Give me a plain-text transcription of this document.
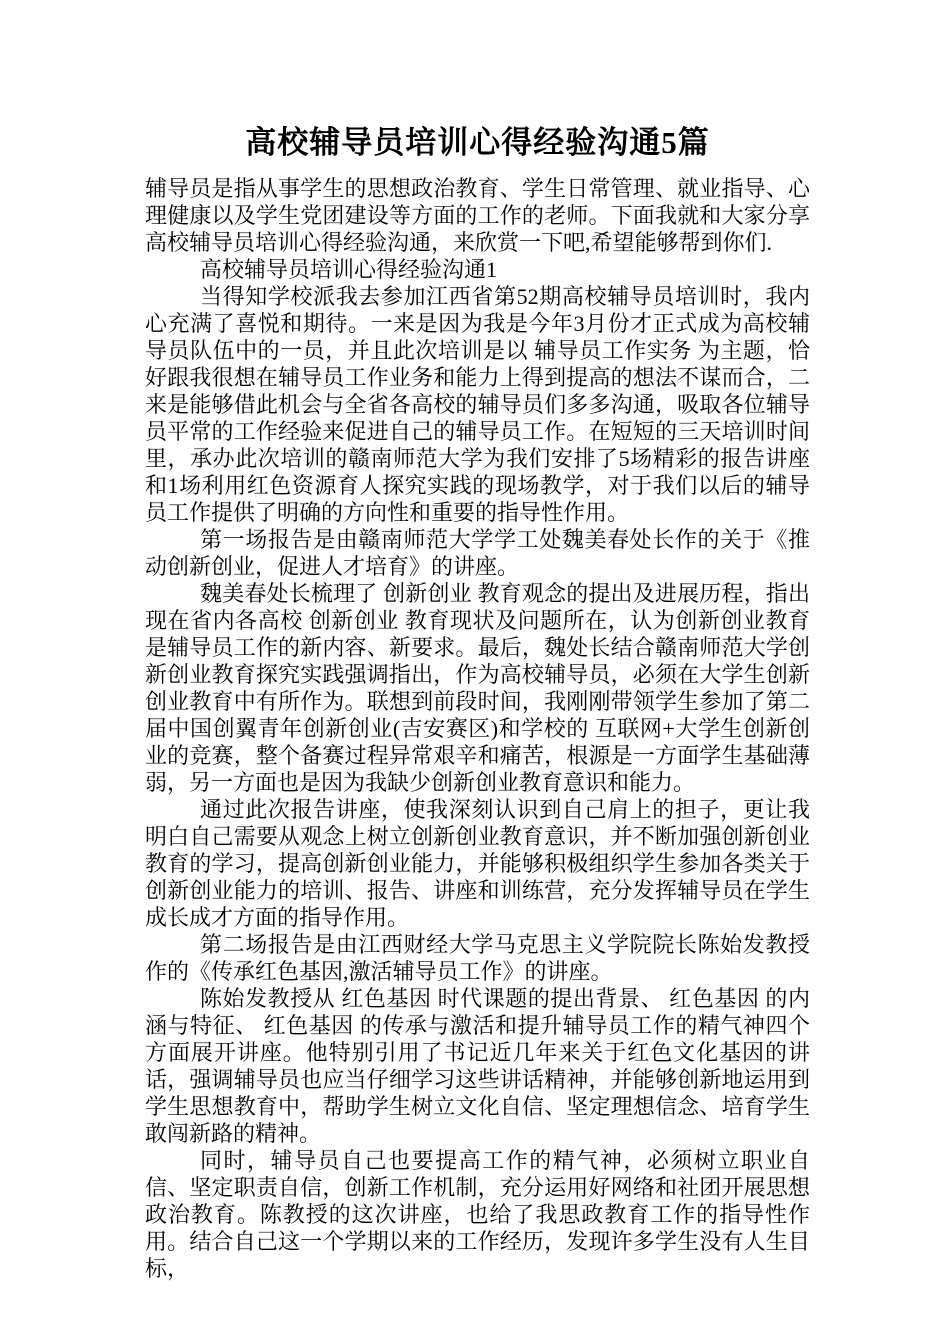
高校辅导员培训心得经验沟通5篇

辅导员是指从事学生的思想政治教育、学生日常管理、就业指导、心理健康以及学生党团建设等方面的工作的老师。下面我就和大家分享高校辅导员培训心得经验沟通，来欣赏一下吧,希望能够帮到你们.

高校辅导员培训心得经验沟通1

当得知学校派我去参加江西省第52期高校辅导员培训时，我内心充满了喜悦和期待。一来是因为我是今年3月份才正式成为高校辅导员队伍中的一员，并且此次培训是以 辅导员工作实务 为主题，恰好跟我很想在辅导员工作业务和能力上得到提高的想法不谋而合，二来是能够借此机会与全省各高校的辅导员们多多沟通，吸取各位辅导员平常的工作经验来促进自己的辅导员工作。在短短的三天培训时间里，承办此次培训的赣南师范大学为我们安排了5场精彩的报告讲座和1场利用红色资源育人探究实践的现场教学，对于我们以后的辅导员工作提供了明确的方向性和重要的指导性作用。

第一场报告是由赣南师范大学学工处魏美春处长作的关于《推动创新创业，促进人才培育》的讲座。

魏美春处长梳理了 创新创业 教育观念的提出及进展历程，指出现在省内各高校 创新创业 教育现状及问题所在，认为创新创业教育是辅导员工作的新内容、新要求。最后，魏处长结合赣南师范大学创新创业教育探究实践强调指出，作为高校辅导员，必须在大学生创新创业教育中有所作为。联想到前段时间，我刚刚带领学生参加了第二届中国创翼青年创新创业(吉安赛区)和学校的 互联网+大学生创新创业的竞赛，整个备赛过程异常艰辛和痛苦，根源是一方面学生基础薄弱，另一方面也是因为我缺少创新创业教育意识和能力。

通过此次报告讲座，使我深刻认识到自己肩上的担子，更让我明白自己需要从观念上树立创新创业教育意识，并不断加强创新创业教育的学习，提高创新创业能力，并能够积极组织学生参加各类关于创新创业能力的培训、报告、讲座和训练营，充分发挥辅导员在学生成长成才方面的指导作用。

第二场报告是由江西财经大学马克思主义学院院长陈始发教授作的《传承红色基因,激活辅导员工作》的讲座。

陈始发教授从 红色基因 时代课题的提出背景、 红色基因 的内涵与特征、 红色基因 的传承与激活和提升辅导员工作的精气神四个方面展开讲座。他特别引用了书记近几年来关于红色文化基因的讲话，强调辅导员也应当仔细学习这些讲话精神，并能够创新地运用到学生思想教育中，帮助学生树立文化自信、坚定理想信念、培育学生敢闯新路的精神。

同时，辅导员自己也要提高工作的精气神，必须树立职业自信、坚定职责自信，创新工作机制，充分运用好网络和社团开展思想政治教育。陈教授的这次讲座，也给了我思政教育工作的指导性作用。结合自己这一个学期以来的工作经历，发现许多学生没有人生目标，
